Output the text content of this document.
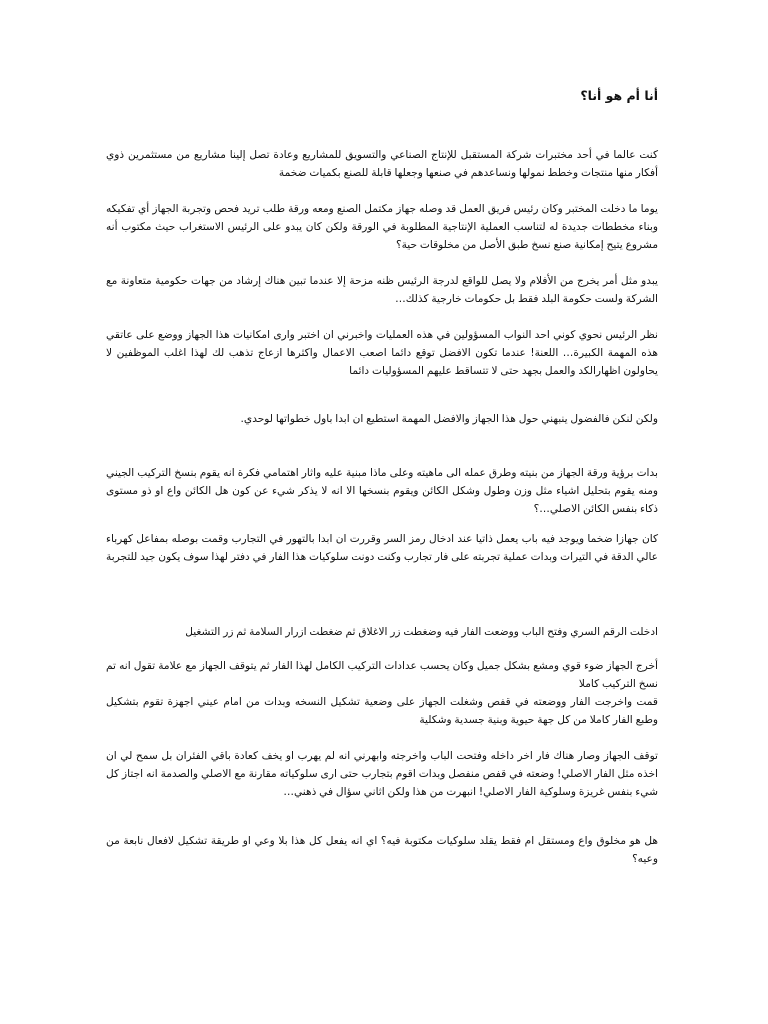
أنا أم هو أنا؟

كنت عالما في أحد مختبرات شركة المستقبل للإنتاج الصناعي والتسويق للمشاريع وعادة تصل إلينا مشاريع من مستثمرين ذوي أفكار منها منتجات وخطط نمولها ونساعدهم في صنعها وجعلها قابلة للصنع بكميات ضخمة

يوما ما دخلت المختبر وكان رئيس فريق العمل قد وصله جهاز مكتمل الصنع ومعه ورقة طلب تريد فحص وتجربة الجهاز أي تفكيكه وبناء مخططات جديدة له لتناسب العملية الإنتاجية المطلوبة في الورقة ولكن كان يبدو على الرئيس الاستغراب حيث مكتوب أنه مشروع يتيح إمكانية صنع نسخ طبق الأصل من مخلوقات حية؟

يبدو مثل أمر يخرج من الأفلام ولا يصل للواقع لدرجة الرئيس ظنه مزحة إلا عندما تبين هناك إرشاد من جهات حكومية متعاونة مع الشركة ولست حكومة البلد فقط بل حكومات خارجية كذلك…

نظر الرئيس نحوي كوني احد النواب المسؤولين في هذه العمليات واخبرني ان اختبر وارى امكانيات هذا الجهاز ووضع على عاتقي هذه المهمة الكبيرة… اللعنة! عندما تكون الافضل توقع دائما اصعب الاعمال واكثرها ازعاج تذهب لك لهذا اغلب الموظفين لا يحاولون اظهارالكد والعمل بجهد حتى لا تتساقط عليهم المسؤوليات دائما

ولكن لنكن فالفضول ينبهني حول هذا الجهاز والافضل المهمة استطيع ان ابدا باول خطواتها لوحدي.

بدات برؤية ورقة الجهاز من بنيته وطرق عمله الى ماهيته وعلى ماذا مبنية عليه واثار اهتمامي فكرة انه يقوم بنسخ التركيب الجيني ومنه يقوم بتحليل اشياء مثل وزن وطول وشكل الكائن ويقوم بنسخها الا انه لا يذكر شيء عن كون هل الكائن واع او ذو مستوى ذكاء بنفس الكائن الاصلي…؟

كان جهازا ضخما ويوجد فيه باب يعمل ذاتيا عند ادخال رمز السر وقررت ان ابدا بالتهور في التجارب وقمت بوصله بمفاعل كهرباء عالي الدقة في التيرات وبدات عملية تجربته على فار تجارب وكنت دونت سلوكيات هذا الفار في دفتر لهذا سوف يكون جيد للتجربة

ادخلت الرقم السري وفتح الباب ووضعت الفار فيه وضغطت زر الاغلاق ثم ضغطت ازرار السلامة ثم زر التشغيل

أخرج الجهاز ضوء قوي ومشع بشكل جميل وكان يحسب عدادات التركيب الكامل لهذا الفار ثم يتوقف الجهاز مع علامة تقول انه تم نسخ التركيب كاملا
قمت واخرجت الفار ووضعته في قفص وشغلت الجهاز على وضعية تشكيل النسخه وبدات من امام عيني اجهزة تقوم بتشكيل وطبع الفار كاملا من كل جهة حيوية وبنية جسدية وشكلية

توقف الجهاز وصار هناك فار اخر داخله وفتحت الباب واخرجته وابهرني انه لم يهرب او يخف كعادة باقي الفئران بل سمح لي ان اخذه مثل الفار الاصلي! وضعته في قفص منفصل وبدات اقوم بتجارب حتى ارى سلوكياته مقارنة مع الاصلي والصدمة انه اجتاز كل شيء بنفس غريزة وسلوكية الفار الاصلي! انبهرت من هذا ولكن اثاني سؤال في ذهني…

هل هو مخلوق واع ومستقل ام فقط يقلد سلوكيات مكتوبة فيه؟ اي انه يفعل كل هذا بلا وعي او طريقة تشكيل لافعال نابعة من وعيه؟
